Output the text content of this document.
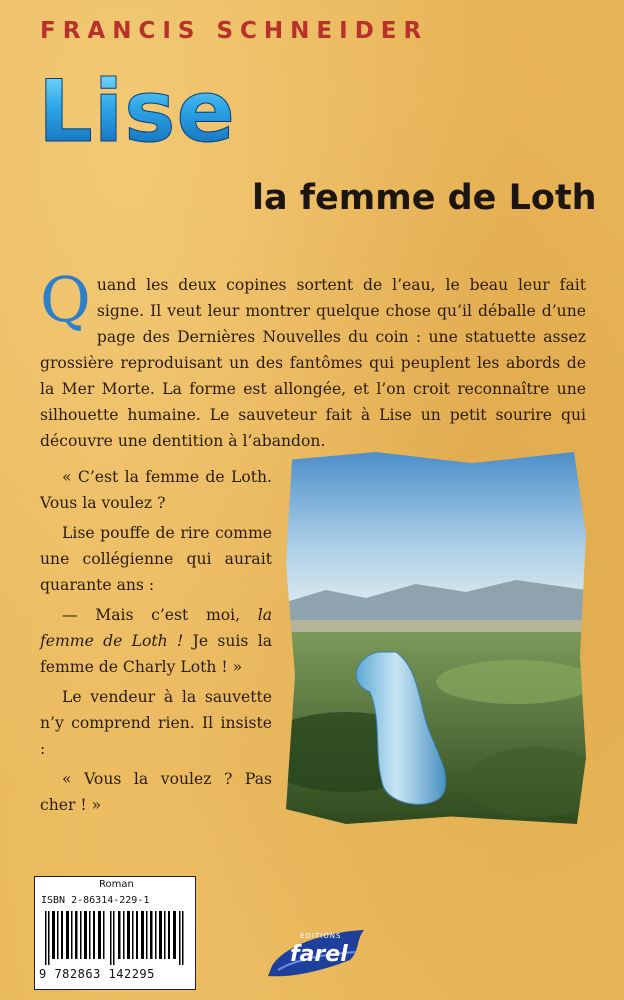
FRANCIS SCHNEIDER
Lise
la femme de Loth

Quand les deux copines sortent de l’eau, le beau leur fait signe. Il veut leur montrer quelque chose qu’il déballe d’une page des Dernières Nouvelles du coin : une statuette assez grossière reproduisant un des fantômes qui peuplent les abords de la Mer Morte. La forme est allongée, et l’on croit reconnaître une silhouette humaine. Le sauveteur fait à Lise un petit sourire qui découvre une dentition à l’abandon.

« C’est la femme de Loth. Vous la voulez ?

Lise pouffe de rire comme une collégienne qui aurait quarante ans :

— Mais c’est moi, la femme de Loth ! Je suis la femme de Charly Loth ! »

Le vendeur à la sauvette n’y comprend rien. Il insiste :

« Vous la voulez ? Pas cher ! »

Roman
ISBN 2-86314-229-1
9 782863 142295
EDITIONS
farel
